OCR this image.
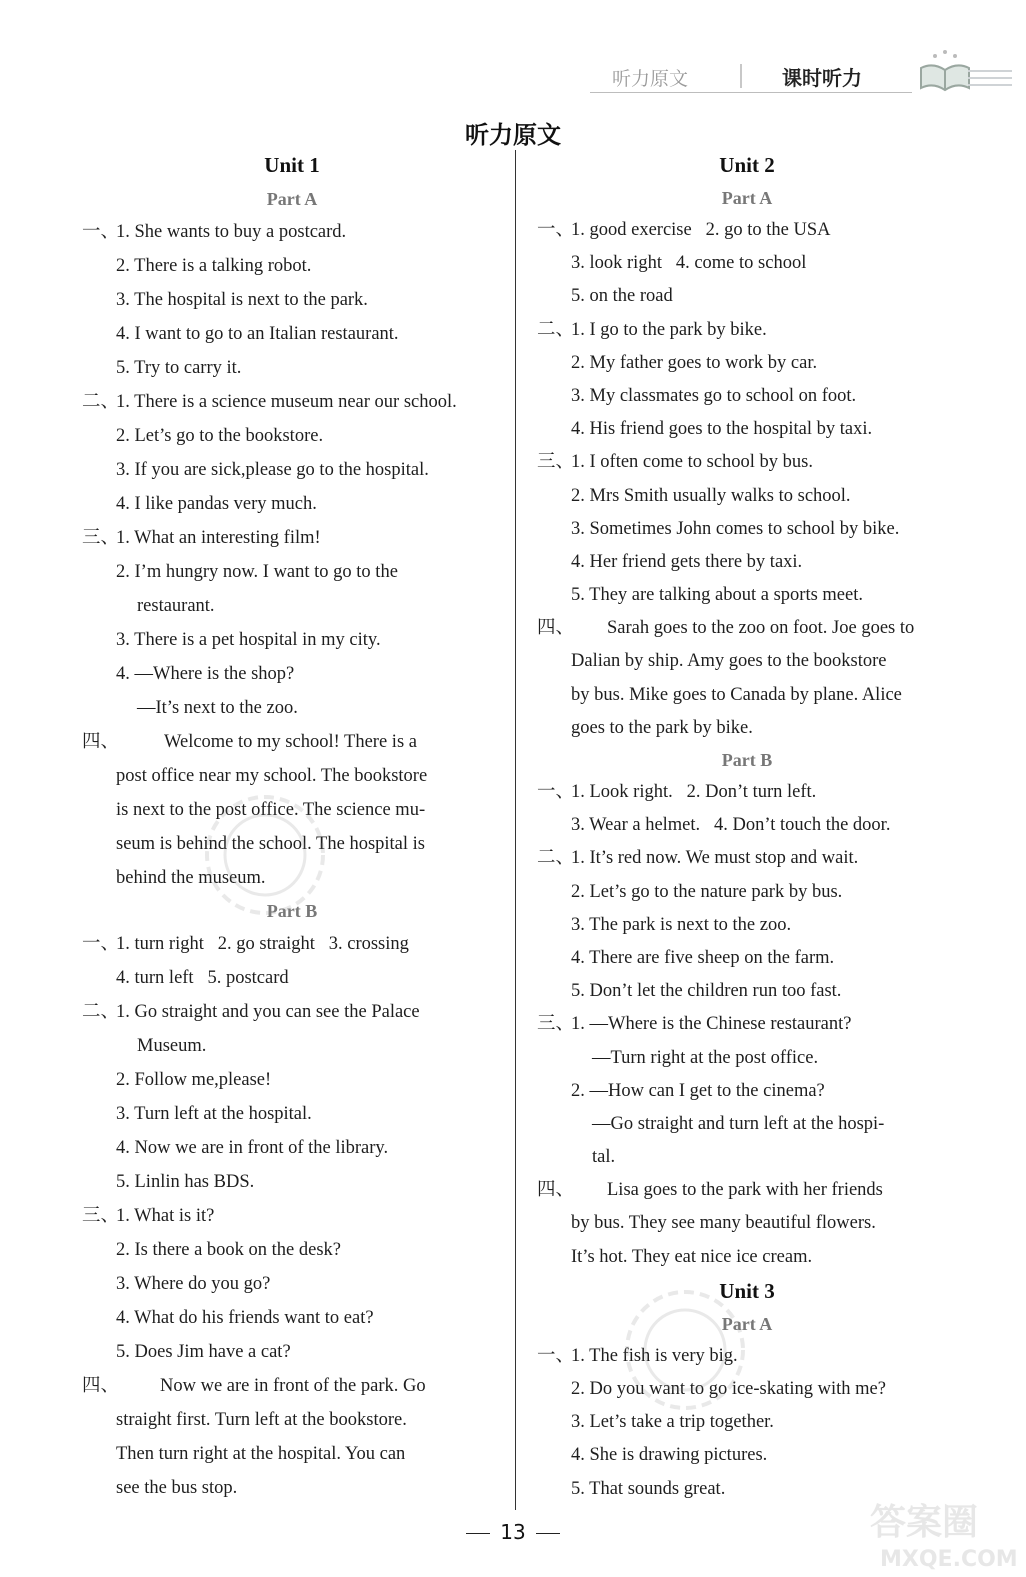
听力原文	课时听力
听力原文
Unit 1
Part A
一、1. She wants to buy a postcard.
2. There is a talking robot.
3. The hospital is next to the park.
4. I want to go to an Italian restaurant.
5. Try to carry it.
二、1. There is a science museum near our school.
2. Let’s go to the bookstore.
3. If you are sick,please go to the hospital.
4. I like pandas very much.
三、1. What an interesting film!
2. I’m hungry now. I want to go to the
restaurant.
3. There is a pet hospital in my city.
4. —Where is the shop?
—It’s next to the zoo.
四、 Welcome to my school! There is a
post office near my school. The bookstore
is next to the post office. The science mu-
seum is behind the school. The hospital is
behind the museum.
Part B
一、1. turn right   2. go straight   3. crossing
4. turn left   5. postcard
二、1. Go straight and you can see the Palace
Museum.
2. Follow me,please!
3. Turn left at the hospital.
4. Now we are in front of the library.
5. Linlin has BDS.
三、1. What is it?
2. Is there a book on the desk?
3. Where do you go?
4. What do his friends want to eat?
5. Does Jim have a cat?
四、 Now we are in front of the park. Go
straight first. Turn left at the bookstore.
Then turn right at the hospital. You can
see the bus stop.
Unit 2
Part A
一、1. good exercise   2. go to the USA
3. look right   4. come to school
5. on the road
二、1. I go to the park by bike.
2. My father goes to work by car.
3. My classmates go to school on foot.
4. His friend goes to the hospital by taxi.
三、1. I often come to school by bus.
2. Mrs Smith usually walks to school.
3. Sometimes John comes to school by bike.
4. Her friend gets there by taxi.
5. They are talking about a sports meet.
四、 Sarah goes to the zoo on foot. Joe goes to
Dalian by ship. Amy goes to the bookstore
by bus. Mike goes to Canada by plane. Alice
goes to the park by bike.
Part B
一、1. Look right.   2. Don’t turn left.
3. Wear a helmet.   4. Don’t touch the door.
二、1. It’s red now. We must stop and wait.
2. Let’s go to the nature park by bus.
3. The park is next to the zoo.
4. There are five sheep on the farm.
5. Don’t let the children run too fast.
三、1. —Where is the Chinese restaurant?
—Turn right at the post office.
2. —How can I get to the cinema?
—Go straight and turn left at the hospi-
tal.
四、 Lisa goes to the park with her friends
by bus. They see many beautiful flowers.
It’s hot. They eat nice ice cream.
Unit 3
Part A
一、1. The fish is very big.
2. Do you want to go ice-skating with me?
3. Let’s take a trip together.
4. She is drawing pictures.
5. That sounds great.
13	答案圈
MXQE.COM
